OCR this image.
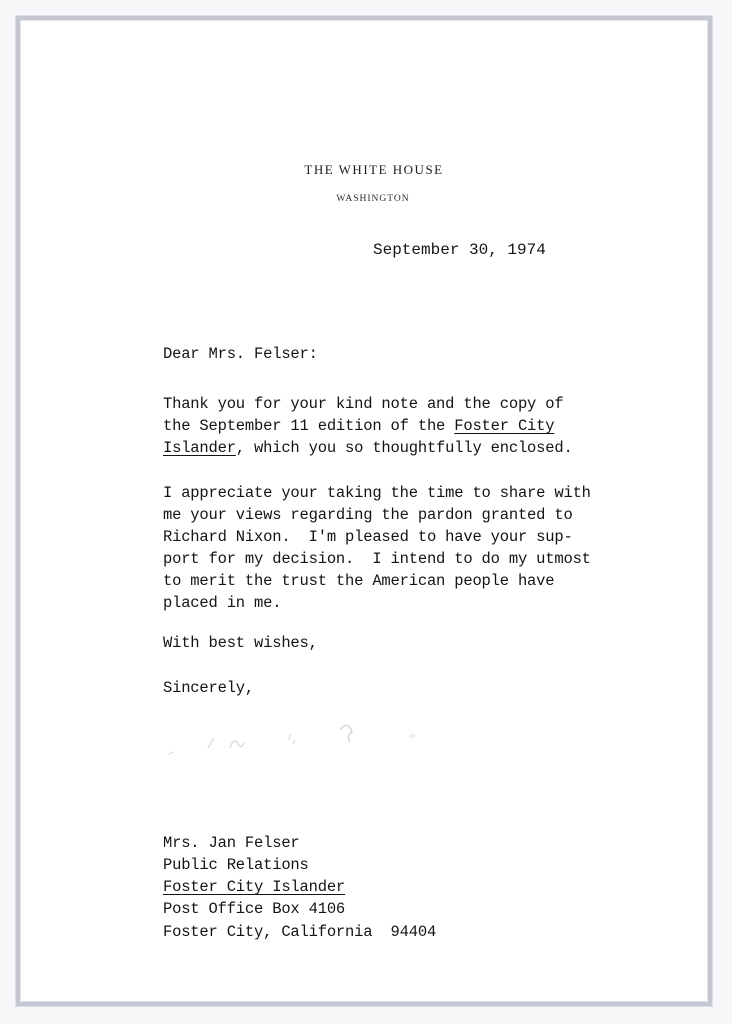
THE WHITE HOUSE
WASHINGTON
September 30, 1974

Dear Mrs. Felser:

Thank you for your kind note and the copy of

the September 11 edition of the Foster City

Islander, which you so thoughtfully enclosed.

I appreciate your taking the time to share with

me your views regarding the pardon granted to

Richard Nixon.  I'm pleased to have your sup-

port for my decision.  I intend to do my utmost

to merit the trust the American people have

placed in me.

With best wishes,

Sincerely,

Mrs. Jan Felser

Public Relations

Foster City Islander

Post Office Box 4106

Foster City, California  94404
